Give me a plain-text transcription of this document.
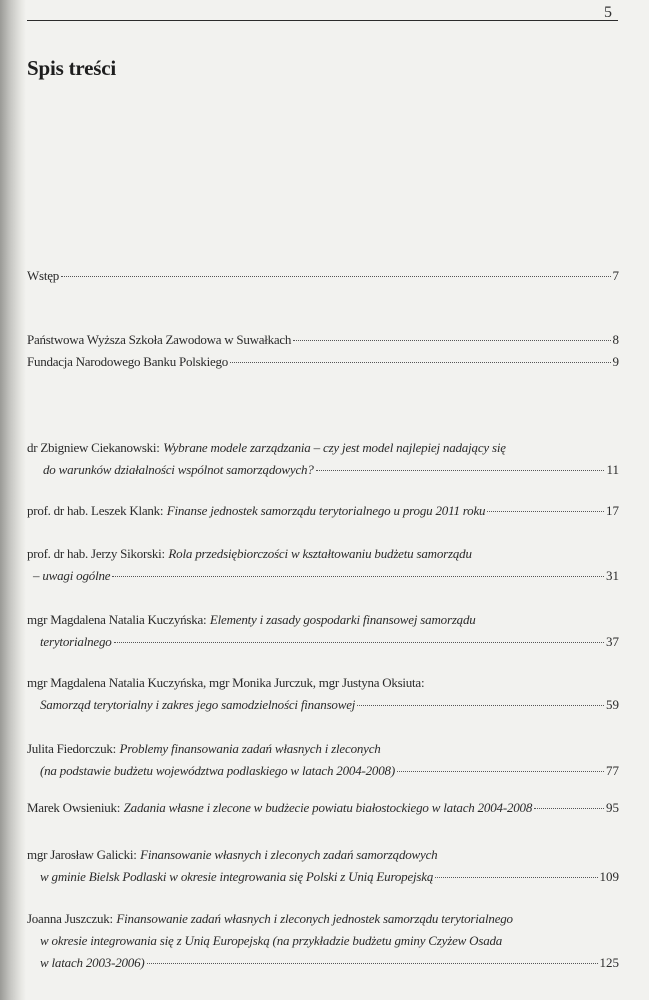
5
Spis treści
Wstęp	7
Państwowa Wyższa Szkoła Zawodowa w Suwałkach	8
Fundacja Narodowego Banku Polskiego	9
dr Zbigniew Ciekanowski : Wybrane modele zarządzania – czy jest model najlepiej nadający się
do warunków działalności wspólnot samorządowych?	11
prof. dr hab. Leszek Klank : Finanse jednostek samorządu terytorialnego u progu 2011 roku	17
prof. dr hab. Jerzy Sikorski : Rola przedsiębiorczości w kształtowaniu budżetu samorządu
– uwagi ogólne	31
mgr Magdalena Natalia Kuczyńska : Elementy i zasady gospodarki finansowej samorządu
terytorialnego	37
mgr Magdalena Natalia Kuczyńska, mgr Monika Jurczuk, mgr Justyna Oksiuta :
Samorząd terytorialny i zakres jego samodzielności finansowej	59
Julita Fiedorczuk : Problemy finansowania zadań własnych i zleconych
(na podstawie budżetu województwa podlaskiego w latach 2004-2008)	77
Marek Owsieniuk : Zadania własne i zlecone w budżecie powiatu białostockiego w latach 2004-2008	95
mgr Jarosław Galicki : Finansowanie własnych i zleconych zadań samorządowych
w gminie Bielsk Podlaski w okresie integrowania się Polski z Unią Europejską	109
Joanna Juszczuk : Finansowanie zadań własnych i zleconych jednostek samorządu terytorialnego
w okresie integrowania się z Unią Europejską (na przykładzie budżetu gminy Czyżew Osada
w latach 2003-2006)	125
